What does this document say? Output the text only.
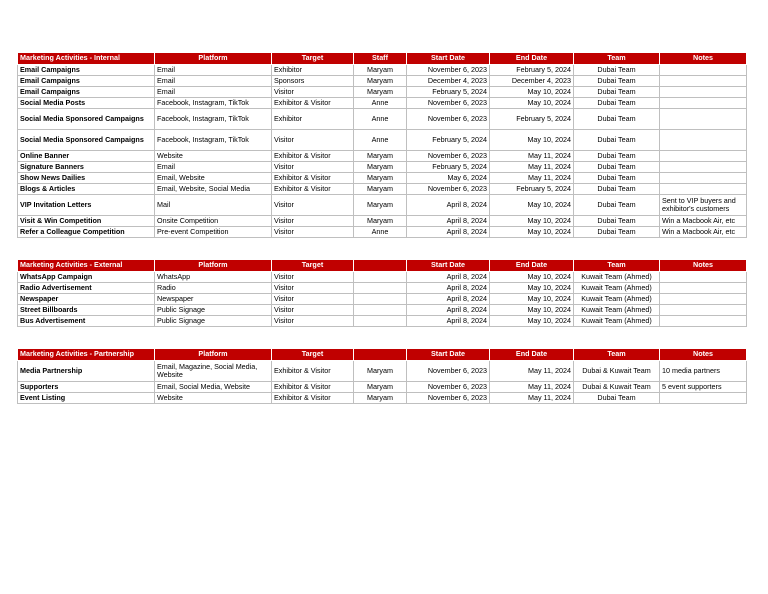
Marketing Activities - Internal	Platform	Target	Staff	Start Date	End Date	Team	Notes
Email Campaigns	Email	Exhibitor	Maryam	November 6, 2023	February 5, 2024	Dubai Team	
Email Campaigns	Email	Sponsors	Maryam	December 4, 2023	December 4, 2023	Dubai Team	
Email Campaigns	Email	Visitor	Maryam	February 5, 2024	May 10, 2024	Dubai Team	
Social Media Posts	Facebook, Instagram, TikTok	Exhibitor & Visitor	Anne	November 6, 2023	May 10, 2024	Dubai Team	
Social Media Sponsored Campaigns	Facebook, Instagram, TikTok	Exhibitor	Anne	November 6, 2023	February 5, 2024	Dubai Team	
Social Media Sponsored Campaigns	Facebook, Instagram, TikTok	Visitor	Anne	February 5, 2024	May 10, 2024	Dubai Team	
Online Banner	Website	Exhibitor & Visitor	Maryam	November 6, 2023	May 11, 2024	Dubai Team	
Signature Banners	Email	Visitor	Maryam	February 5, 2024	May 11, 2024	Dubai Team	
Show News Dailies	Email, Website	Exhibitor & Visitor	Maryam	May 6, 2024	May 11, 2024	Dubai Team	
Blogs & Articles	Email, Website, Social Media	Exhibitor & Visitor	Maryam	November 6, 2023	February 5, 2024	Dubai Team	
VIP Invitation Letters	Mail	Visitor	Maryam	April 8, 2024	May 10, 2024	Dubai Team	Sent to VIP buyers and exhibitor's customers
Visit & Win Competition	Onsite Competition	Visitor	Maryam	April 8, 2024	May 10, 2024	Dubai Team	Win a Macbook Air, etc
Refer a Colleague Competition	Pre-event Competition	Visitor	Anne	April 8, 2024	May 10, 2024	Dubai Team	Win a Macbook Air, etc
Marketing Activities - External	Platform	Target		Start Date	End Date	Team	Notes
WhatsApp Campaign	WhatsApp	Visitor		April 8, 2024	May 10, 2024	Kuwait Team (Ahmed)	
Radio Advertisement	Radio	Visitor		April 8, 2024	May 10, 2024	Kuwait Team (Ahmed)	
Newspaper	Newspaper	Visitor		April 8, 2024	May 10, 2024	Kuwait Team (Ahmed)	
Street Billboards	Public Signage	Visitor		April 8, 2024	May 10, 2024	Kuwait Team (Ahmed)	
Bus Advertisement	Public Signage	Visitor		April 8, 2024	May 10, 2024	Kuwait Team (Ahmed)	
Marketing Activities - Partnership	Platform	Target		Start Date	End Date	Team	Notes
Media Partnership	Email, Magazine, Social Media, Website	Exhibitor & Visitor	Maryam	November 6, 2023	May 11, 2024	Dubai & Kuwait Team	10 media partners
Supporters	Email, Social Media, Website	Exhibitor & Visitor	Maryam	November 6, 2023	May 11, 2024	Dubai & Kuwait Team	5 event supporters
Event Listing	Website	Exhibitor & Visitor	Maryam	November 6, 2023	May 11, 2024	Dubai Team	
